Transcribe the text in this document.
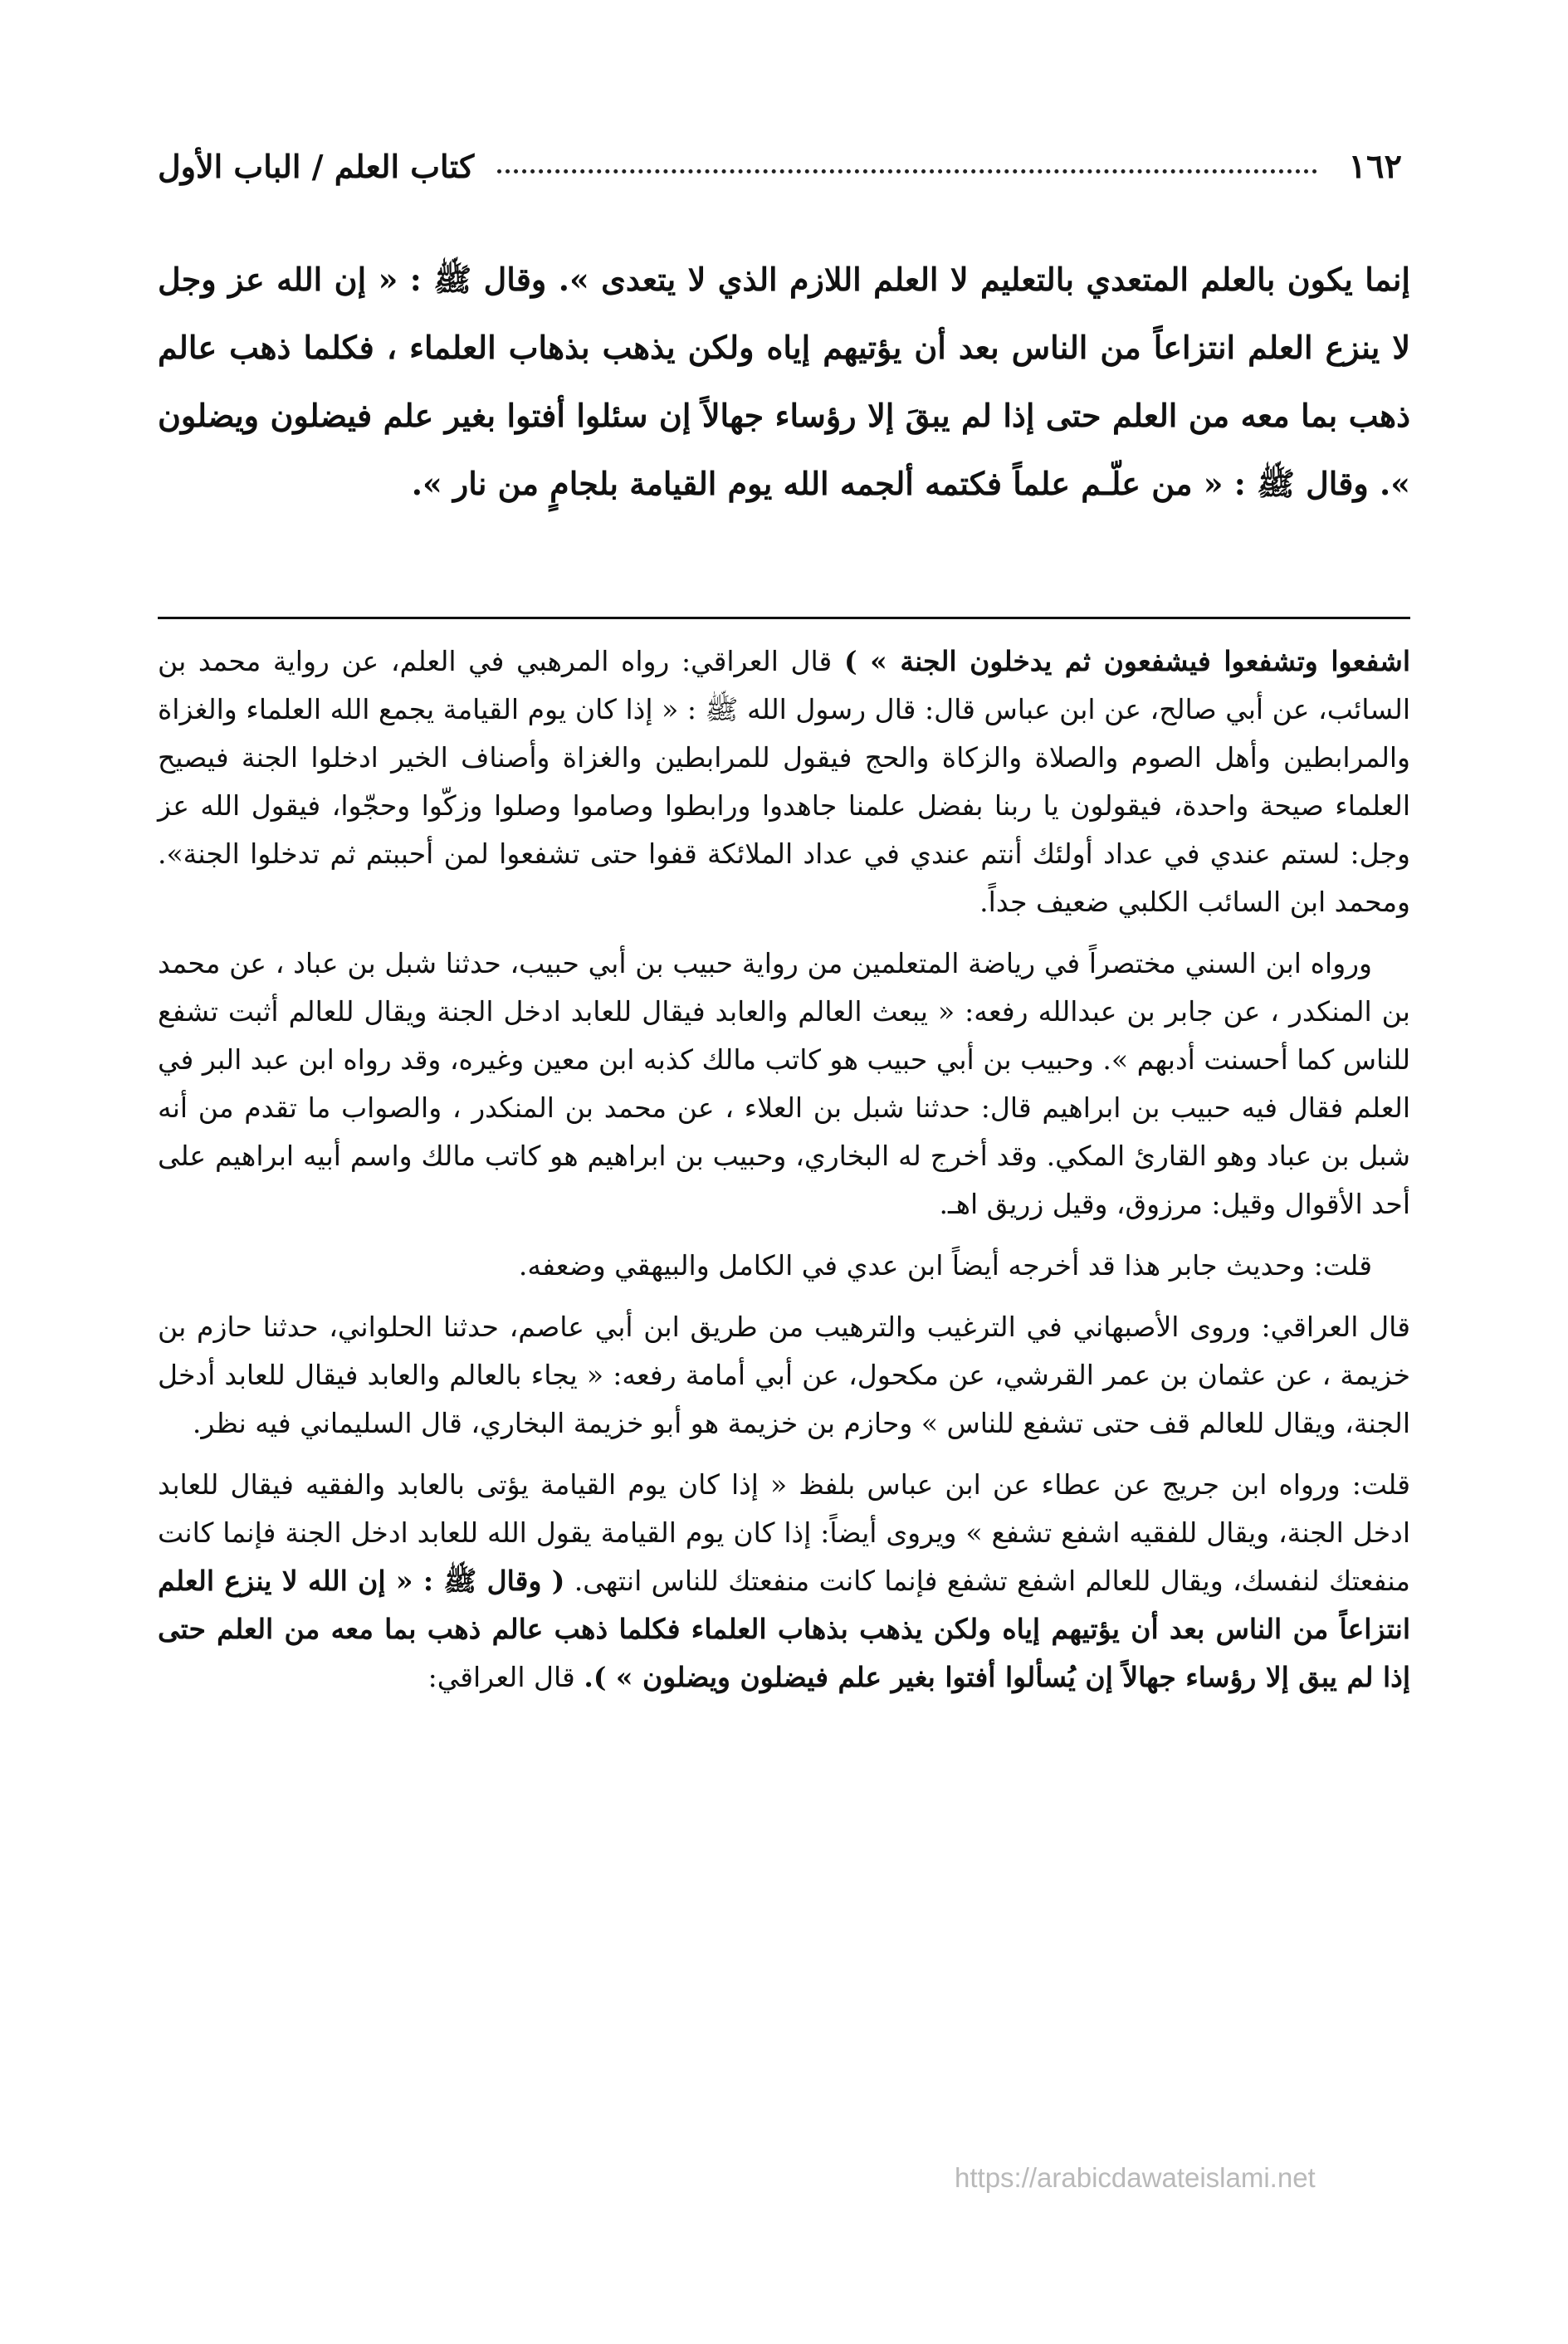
١٦٢
كتاب العلم / الباب الأول

إنما يكون بالعلم المتعدي بالتعليم لا العلم اللازم الذي لا يتعدى ». وقال ﷺ : « إن الله عز وجل لا ينزع العلم انتزاعاً من الناس بعد أن يؤتيهم إياه ولكن يذهب بذهاب العلماء ، فكلما ذهب عالم ذهب بما معه من العلم حتى إذا لم يبقَ إلا رؤساء جهالاً إن سئلوا أفتوا بغير علم فيضلون ويضلون ». وقال ﷺ : « من علّـم علماً فكتمه ألجمه الله يوم القيامة بلجامٍ من نار ».

اشفعوا وتشفعوا فيشفعون ثم يدخلون الجنة » ) قال العراقي: رواه المرهبي في العلم، عن رواية محمد بن السائب، عن أبي صالح، عن ابن عباس قال: قال رسول الله ﷺ : « إذا كان يوم القيامة يجمع الله العلماء والغزاة والمرابطين وأهل الصوم والصلاة والزكاة والحج فيقول للمرابطين والغزاة وأصناف الخير ادخلوا الجنة فيصيح العلماء صيحة واحدة، فيقولون يا ربنا بفضل علمنا جاهدوا ورابطوا وصاموا وصلوا وزكّوا وحجّوا، فيقول الله عز وجل: لستم عندي في عداد أولئك أنتم عندي في عداد الملائكة قفوا حتى تشفعوا لمن أحببتم ثم تدخلوا الجنة». ومحمد ابن السائب الكلبي ضعيف جداً.

ورواه ابن السني مختصراً في رياضة المتعلمين من رواية حبيب بن أبي حبيب، حدثنا شبل بن عباد ، عن محمد بن المنكدر ، عن جابر بن عبدالله رفعه: « يبعث العالم والعابد فيقال للعابد ادخل الجنة ويقال للعالم أثبت تشفع للناس كما أحسنت أدبهم ». وحبيب بن أبي حبيب هو كاتب مالك كذبه ابن معين وغيره، وقد رواه ابن عبد البر في العلم فقال فيه حبيب بن ابراهيم قال: حدثنا شبل بن العلاء ، عن محمد بن المنكدر ، والصواب ما تقدم من أنه شبل بن عباد وهو القارئ المكي. وقد أخرج له البخاري، وحبيب بن ابراهيم هو كاتب مالك واسم أبيه ابراهيم على أحد الأقوال وقيل: مرزوق، وقيل زريق اهـ.

قلت: وحديث جابر هذا قد أخرجه أيضاً ابن عدي في الكامل والبيهقي وضعفه.

قال العراقي: وروى الأصبهاني في الترغيب والترهيب من طريق ابن أبي عاصم، حدثنا الحلواني، حدثنا حازم بن خزيمة ، عن عثمان بن عمر القرشي، عن مكحول، عن أبي أمامة رفعه: « يجاء بالعالم والعابد فيقال للعابد أدخل الجنة، ويقال للعالم قف حتى تشفع للناس » وحازم بن خزيمة هو أبو خزيمة البخاري، قال السليماني فيه نظر.

قلت: ورواه ابن جريج عن عطاء عن ابن عباس بلفظ « إذا كان يوم القيامة يؤتى بالعابد والفقيه فيقال للعابد ادخل الجنة، ويقال للفقيه اشفع تشفع » ويروى أيضاً: إذا كان يوم القيامة يقول الله للعابد ادخل الجنة فإنما كانت منفعتك لنفسك، ويقال للعالم اشفع تشفع فإنما كانت منفعتك للناس انتهى. ( وقال ﷺ : « إن الله لا ينزع العلم انتزاعاً من الناس بعد أن يؤتيهم إياه ولكن يذهب بذهاب العلماء فكلما ذهب عالم ذهب بما معه من العلم حتى إذا لم يبق إلا رؤساء جهالاً إن يُسألوا أفتوا بغير علم فيضلون ويضلون » ). قال العراقي:

https://arabicdawateislami.net
